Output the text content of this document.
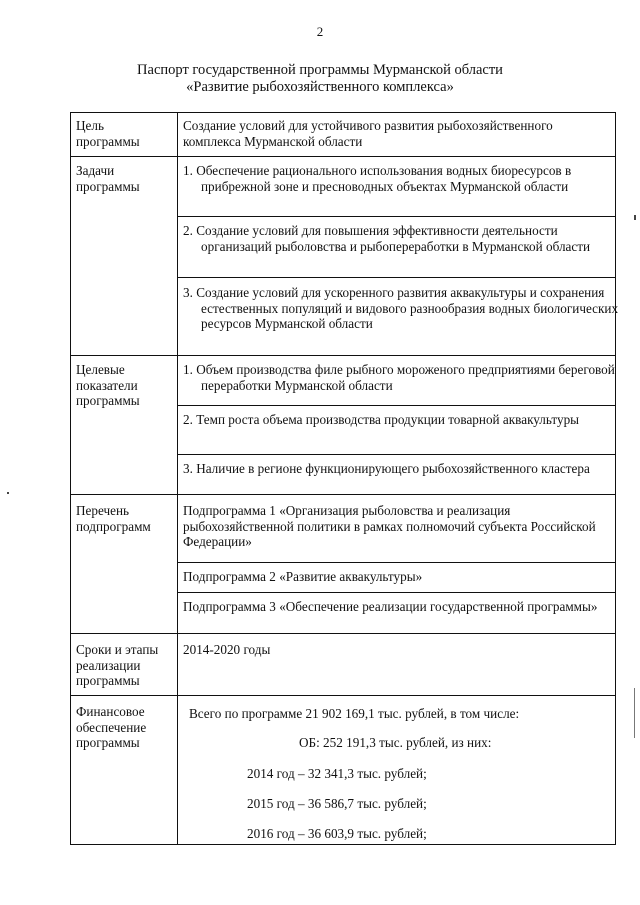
2
Паспорт государственной программы Мурманской области
«Развитие рыбохозяйственного комплекса»
Цель
программы
Создание условий для устойчивого развития рыбохозяйственного комплекса Мурманской области
Задачи
программы
1. Обеспечение рационального использования водных биоресурсов в прибрежной зоне и пресноводных объектах Мурманской области
2. Создание условий для повышения эффективности деятельности организаций рыболовства и рыбопереработки в Мурманской области
3. Создание условий для ускоренного развития аквакультуры и сохранения естественных популяций и видового разнообразия водных биологических ресурсов Мурманской области
Целевые
показатели
программы
1. Объем производства филе рыбного мороженого предприятиями береговой переработки Мурманской области
2. Темп роста объема производства продукции товарной аквакультуры
3. Наличие в регионе функционирующего рыбохозяйственного кластера
Перечень
подпрограмм
Подпрограмма 1 «Организация рыболовства и реализация рыбохозяйственной политики в рамках полномочий субъекта Российской Федерации»
Подпрограмма 2 «Развитие аквакультуры»
Подпрограмма 3 «Обеспечение реализации государственной программы»
Сроки и этапы
реализации
программы
2014-2020 годы
Финансовое
обеспечение
программы
Всего по программе 21 902 169,1 тыс. рублей, в том числе:
ОБ: 252 191,3 тыс. рублей, из них:
2014 год – 32 341,3 тыс. рублей;
2015 год – 36 586,7 тыс. рублей;
2016 год – 36 603,9 тыс. рублей;
